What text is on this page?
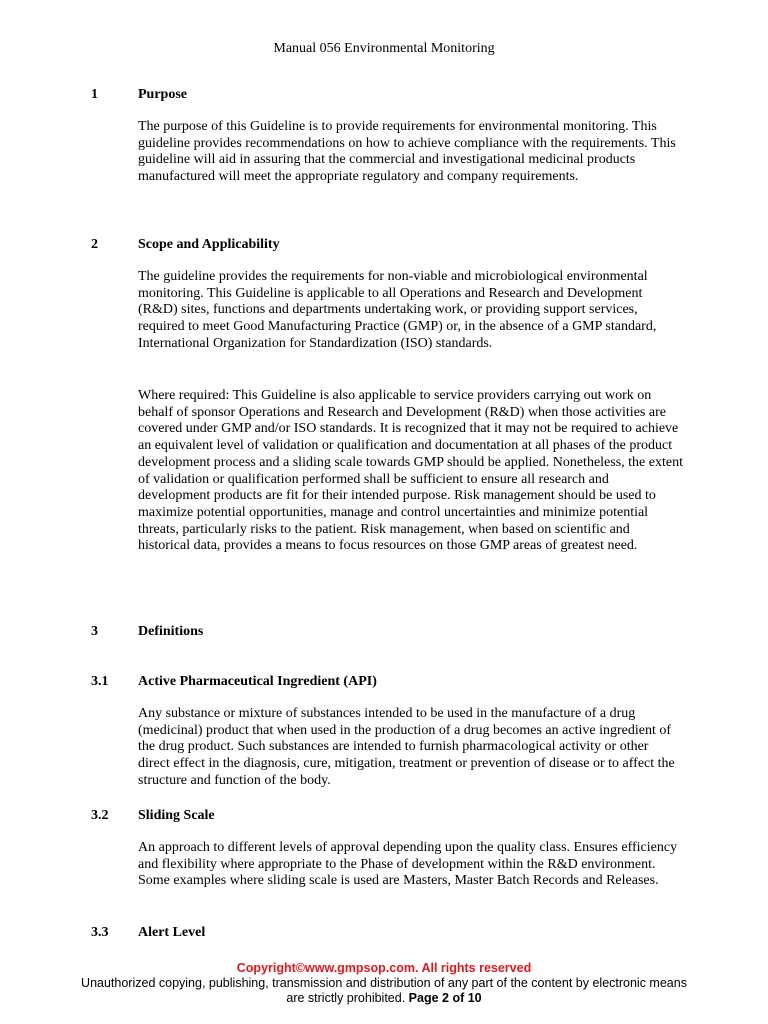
Manual 056 Environmental Monitoring
1	Purpose

The purpose of this Guideline is to provide requirements for environmental monitoring. This guideline provides recommendations on how to achieve compliance with the requirements. This guideline will aid in assuring that the commercial and investigational medicinal products manufactured will meet the appropriate regulatory and company requirements.

2	Scope and Applicability

The guideline provides the requirements for non-viable and microbiological environmental monitoring. This Guideline is applicable to all Operations and Research and Development (R&D) sites, functions and departments undertaking work, or providing support services, required to meet Good Manufacturing Practice (GMP) or, in the absence of a GMP standard, International Organization for Standardization (ISO) standards.

Where required: This Guideline is also applicable to service providers carrying out work on behalf of sponsor Operations and Research and Development (R&D) when those activities are covered under GMP and/or ISO standards. It is recognized that it may not be required to achieve an equivalent level of validation or qualification and documentation at all phases of the product development process and a sliding scale towards GMP should be applied. Nonetheless, the extent of validation or qualification performed shall be sufficient to ensure all research and development products are fit for their intended purpose. Risk management should be used to maximize potential opportunities, manage and control uncertainties and minimize potential threats, particularly risks to the patient. Risk management, when based on scientific and historical data, provides a means to focus resources on those GMP areas of greatest need.

3	Definitions
3.1 Active Pharmaceutical Ingredient (API)

Any substance or mixture of substances intended to be used in the manufacture of a drug (medicinal) product that when used in the production of a drug becomes an active ingredient of the drug product. Such substances are intended to furnish pharmacological activity or other direct effect in the diagnosis, cure, mitigation, treatment or prevention of disease or to affect the structure and function of the body.

3.2 Sliding Scale

An approach to different levels of approval depending upon the quality class. Ensures efficiency and flexibility where appropriate to the Phase of development within the R&D environment. Some examples where sliding scale is used are Masters, Master Batch Records and Releases.

3.3 Alert Level
Copyright©www.gmpsop.com. All rights reserved
Unauthorized copying, publishing, transmission and distribution of any part of the content by electronic means are strictly prohibited. Page 2 of 10
